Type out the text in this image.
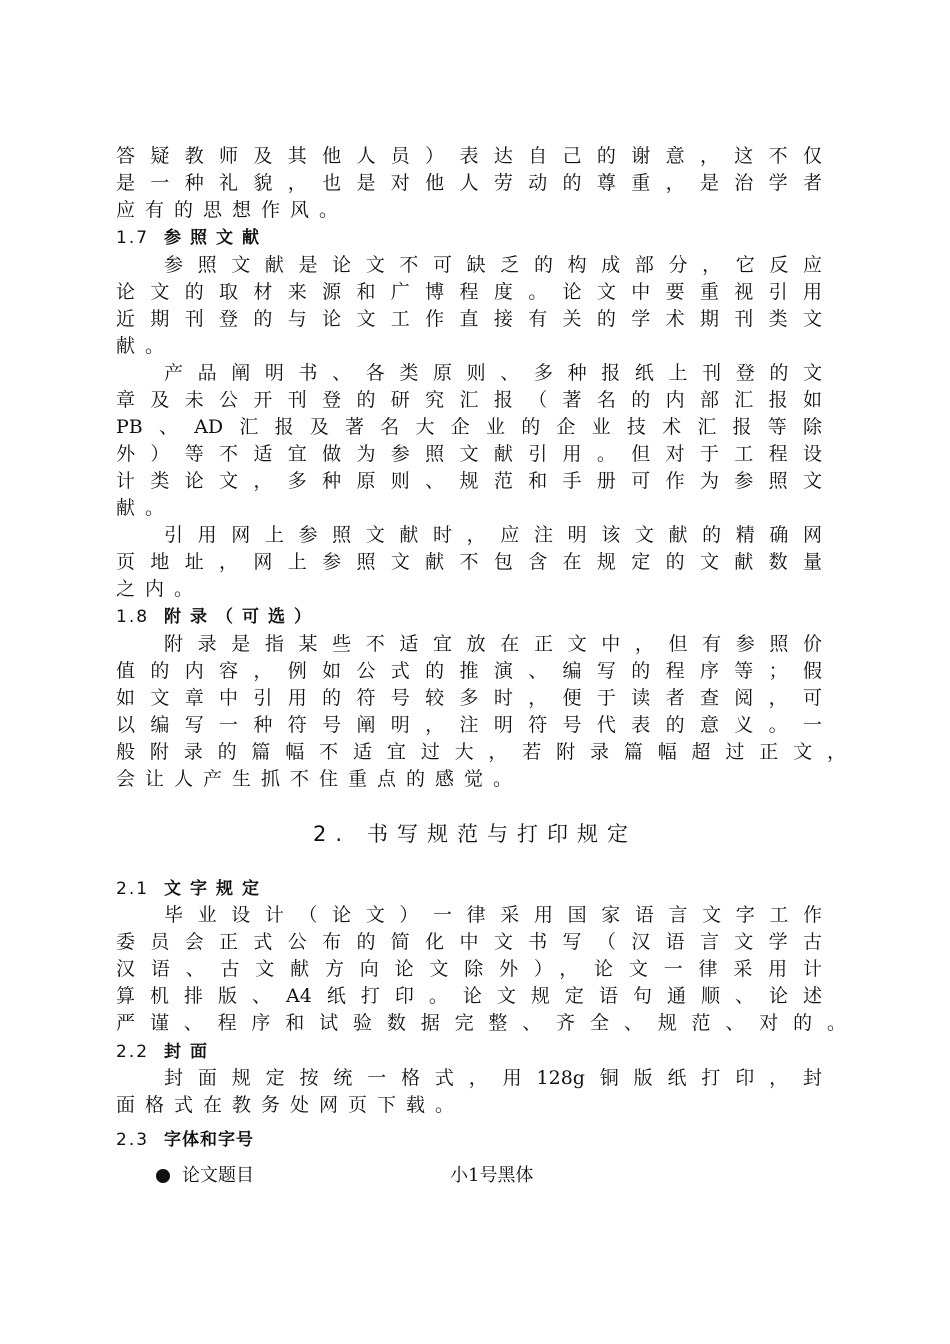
答疑教师及其他人员）表达自己的谢意，这不仅
是一种礼貌，也是对他人劳动的尊重，是治学者
应有的思想作风。
1.7 参照文献
参照文献是论文不可缺乏的构成部分，它反应
论文的取材来源和广博程度。论文中要重视引用
近期刊登的与论文工作直接有关的学术期刊类文
献。
产品阐明书、各类原则、多种报纸上刊登的文
章及未公开刊登的研究汇报（著名的内部汇报如
PB、AD汇报及著名大企业的企业技术汇报等除
外）等不适宜做为参照文献引用。但对于工程设
计类论文，多种原则、规范和手册可作为参照文
献。
引用网上参照文献时，应注明该文献的精确网
页地址，网上参照文献不包含在规定的文献数量
之内。
1.8 附录（可选）
附录是指某些不适宜放在正文中，但有参照价
值的内容，例如公式的推演、编写的程序等；假
如文章中引用的符号较多时，便于读者查阅，可
以编写一种符号阐明，注明符号代表的意义。一
般附录的篇幅不适宜过大，若附录篇幅超过正文，
会让人产生抓不住重点的感觉。
2. 书写规范与打印规定
2.1 文字规定
毕业设计（论文）一律采用国家语言文字工作
委员会正式公布的简化中文书写（汉语言文学古
汉语、古文献方向论文除外），论文一律采用计
算机排版、A4纸打印。论文规定语句通顺、论述
严谨、程序和试验数据完整、齐全、规范、对的。
2.2 封面
封面规定按统一格式，用128g铜版纸打印，封
面格式在教务处网页下载。
2.3 字体和字号
论文题目	小1号黑体
